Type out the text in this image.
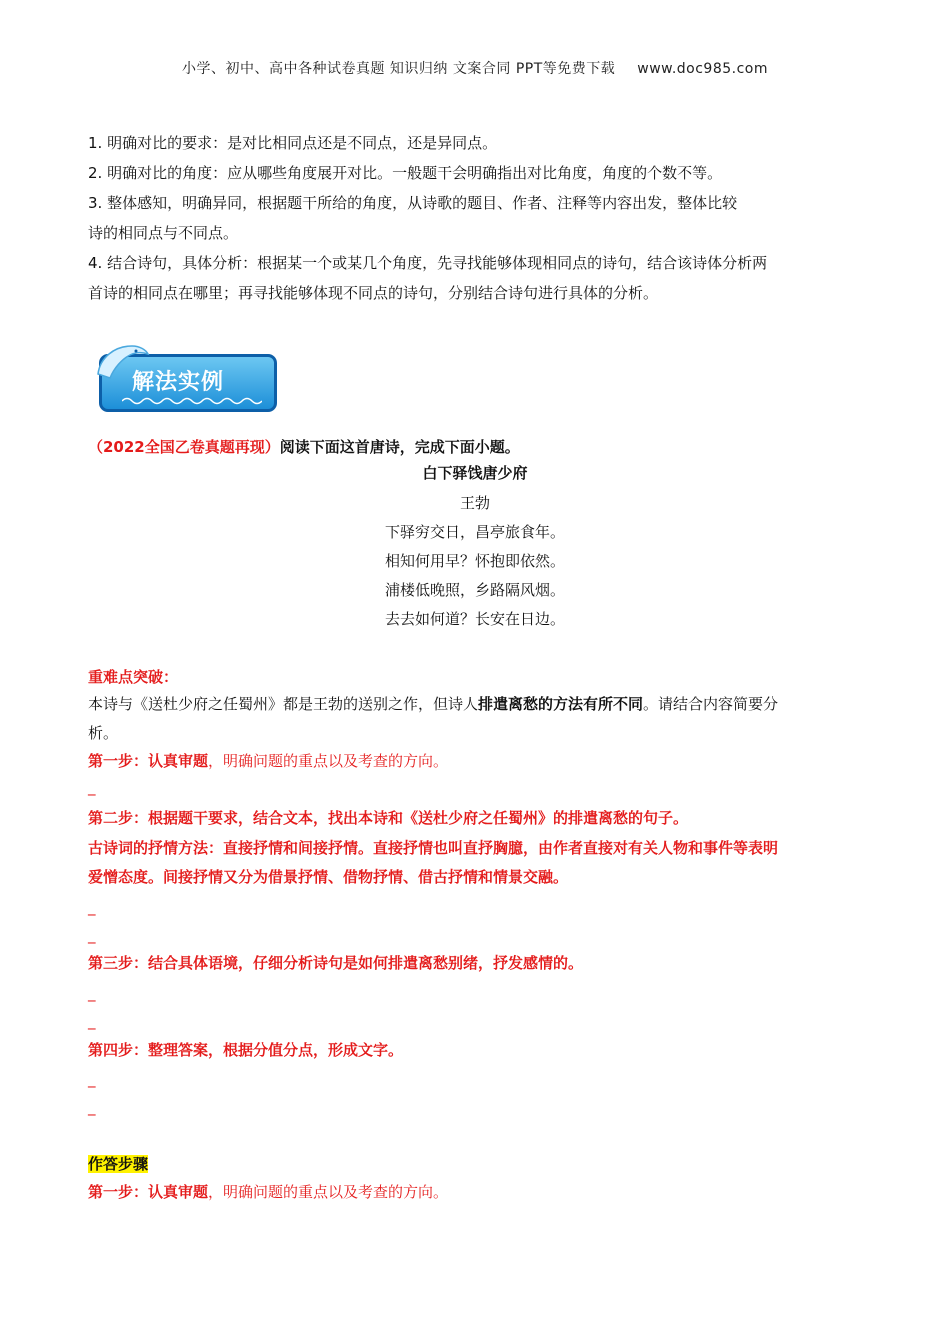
小学、初中、高中各种试卷真题 知识归纳 文案合同 PPT等免费下载 www.doc985.com

1. 明确对比的要求：是对比相同点还是不同点，还是异同点。

2. 明确对比的角度：应从哪些角度展开对比。一般题干会明确指出对比角度，角度的个数不等。

3. 整体感知，明确异同，根据题干所给的角度，从诗歌的题目、作者、注释等内容出发，整体比较

诗的相同点与不同点。

4. 结合诗句，具体分析：根据某一个或某几个角度，先寻找能够体现相同点的诗句，结合该诗体分析两

首诗的相同点在哪里；再寻找能够体现不同点的诗句，分别结合诗句进行具体的分析。

解法实例
（2022全国乙卷真题再现）阅读下面这首唐诗，完成下面小题。
白下驿饯唐少府
王勃
下驿穷交日，昌亭旅食年。
相知何用早？怀抱即依然。
浦楼低晚照，乡路隔风烟。
去去如何道？长安在日边。
重难点突破：
本诗与《送杜少府之任蜀州》都是王勃的送别之作，但诗人排遣离愁的方法有所不同。请结合内容简要分
析。
第一步：认真审题，明确问题的重点以及考查的方向。
_
第二步：根据题干要求，结合文本，找出本诗和《送杜少府之任蜀州》的排遣离愁的句子。
古诗词的抒情方法：直接抒情和间接抒情。直接抒情也叫直抒胸臆，由作者直接对有关人物和事件等表明
爱憎态度。间接抒情又分为借景抒情、借物抒情、借古抒情和情景交融。
_
_
第三步：结合具体语境，仔细分析诗句是如何排遣离愁别绪，抒发感情的。
_
_
第四步：整理答案，根据分值分点，形成文字。
_
_
作答步骤
第一步：认真审题，明确问题的重点以及考查的方向。
